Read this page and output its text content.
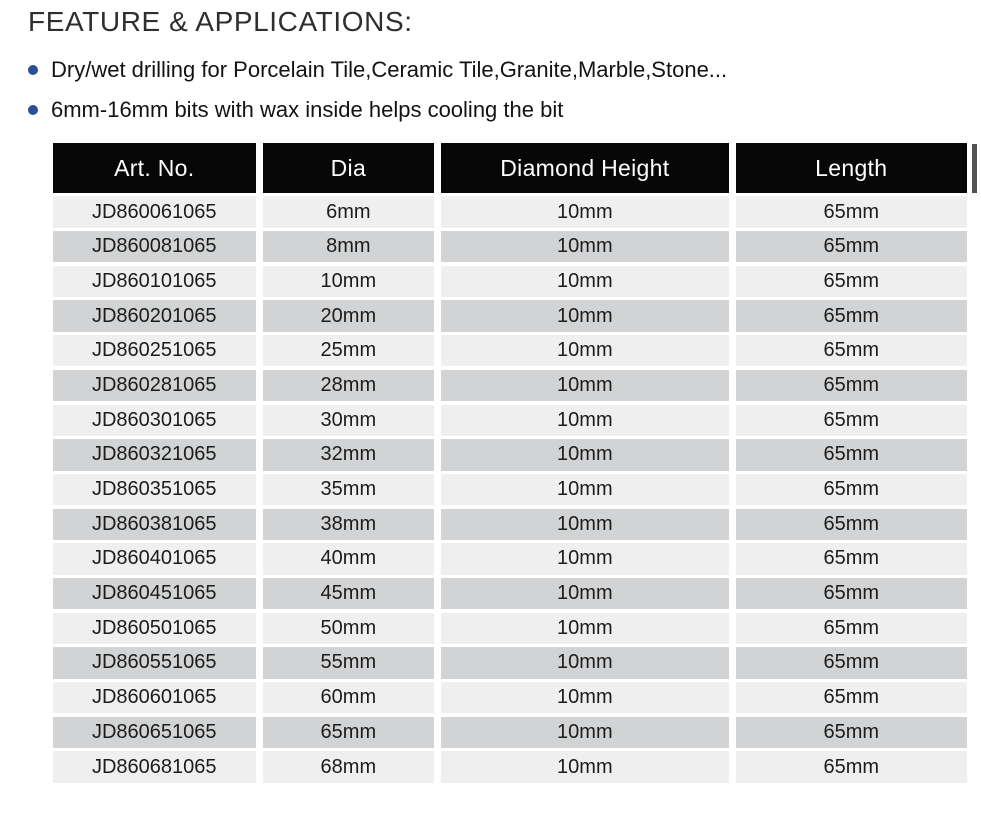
FEATURE & APPLICATIONS:
Dry/wet drilling for Porcelain Tile,Ceramic Tile,Granite,Marble,Stone...
6mm-16mm bits with wax inside helps cooling the bit
Art. No.	Dia	Diamond Height	Length
JD860061065	6mm	10mm	65mm
JD860081065	8mm	10mm	65mm
JD860101065	10mm	10mm	65mm
JD860201065	20mm	10mm	65mm
JD860251065	25mm	10mm	65mm
JD860281065	28mm	10mm	65mm
JD860301065	30mm	10mm	65mm
JD860321065	32mm	10mm	65mm
JD860351065	35mm	10mm	65mm
JD860381065	38mm	10mm	65mm
JD860401065	40mm	10mm	65mm
JD860451065	45mm	10mm	65mm
JD860501065	50mm	10mm	65mm
JD860551065	55mm	10mm	65mm
JD860601065	60mm	10mm	65mm
JD860651065	65mm	10mm	65mm
JD860681065	68mm	10mm	65mm
